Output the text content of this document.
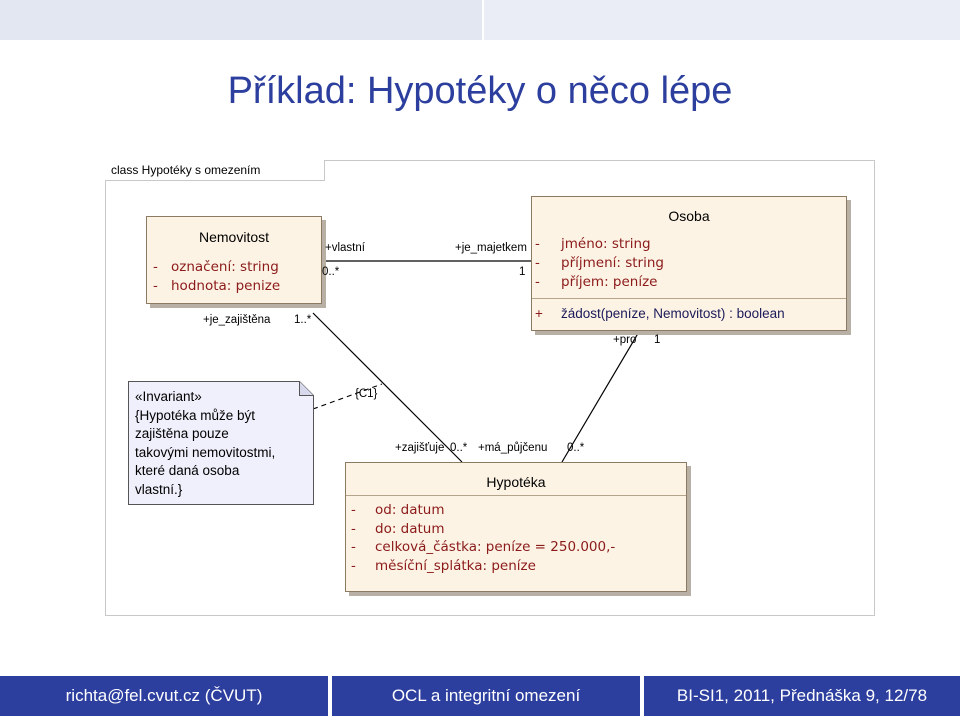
Příklad: Hypotéky o něco lépe
class Hypotéky s omezením
Nemovitost
- označení: string
- hodnota: penize
Osoba
- jméno: string
- příjmení: string
- příjem: peníze
+ žádost(peníze, Nemovitost) : boolean
Hypotéka
- od: datum
- do: datum
- celková_částka: peníze = 250.000,-
- měsíční_splátka: peníze
«Invariant»
{Hypotéka může být
zajištěna pouze
takovými nemovitostmi,
které daná osoba
vlastní.}
+vlastní
0..*
+je_majetkem
1
+je_zajištěna 1..*
{C1}
+zajišťuje 0..* +má_půjčenu 0..*
+pro 1
richta@fel.cvut.cz (ČVUT)	OCL a integritní omezení	BI-SI1, 2011, Přednáška 9, 12/78
